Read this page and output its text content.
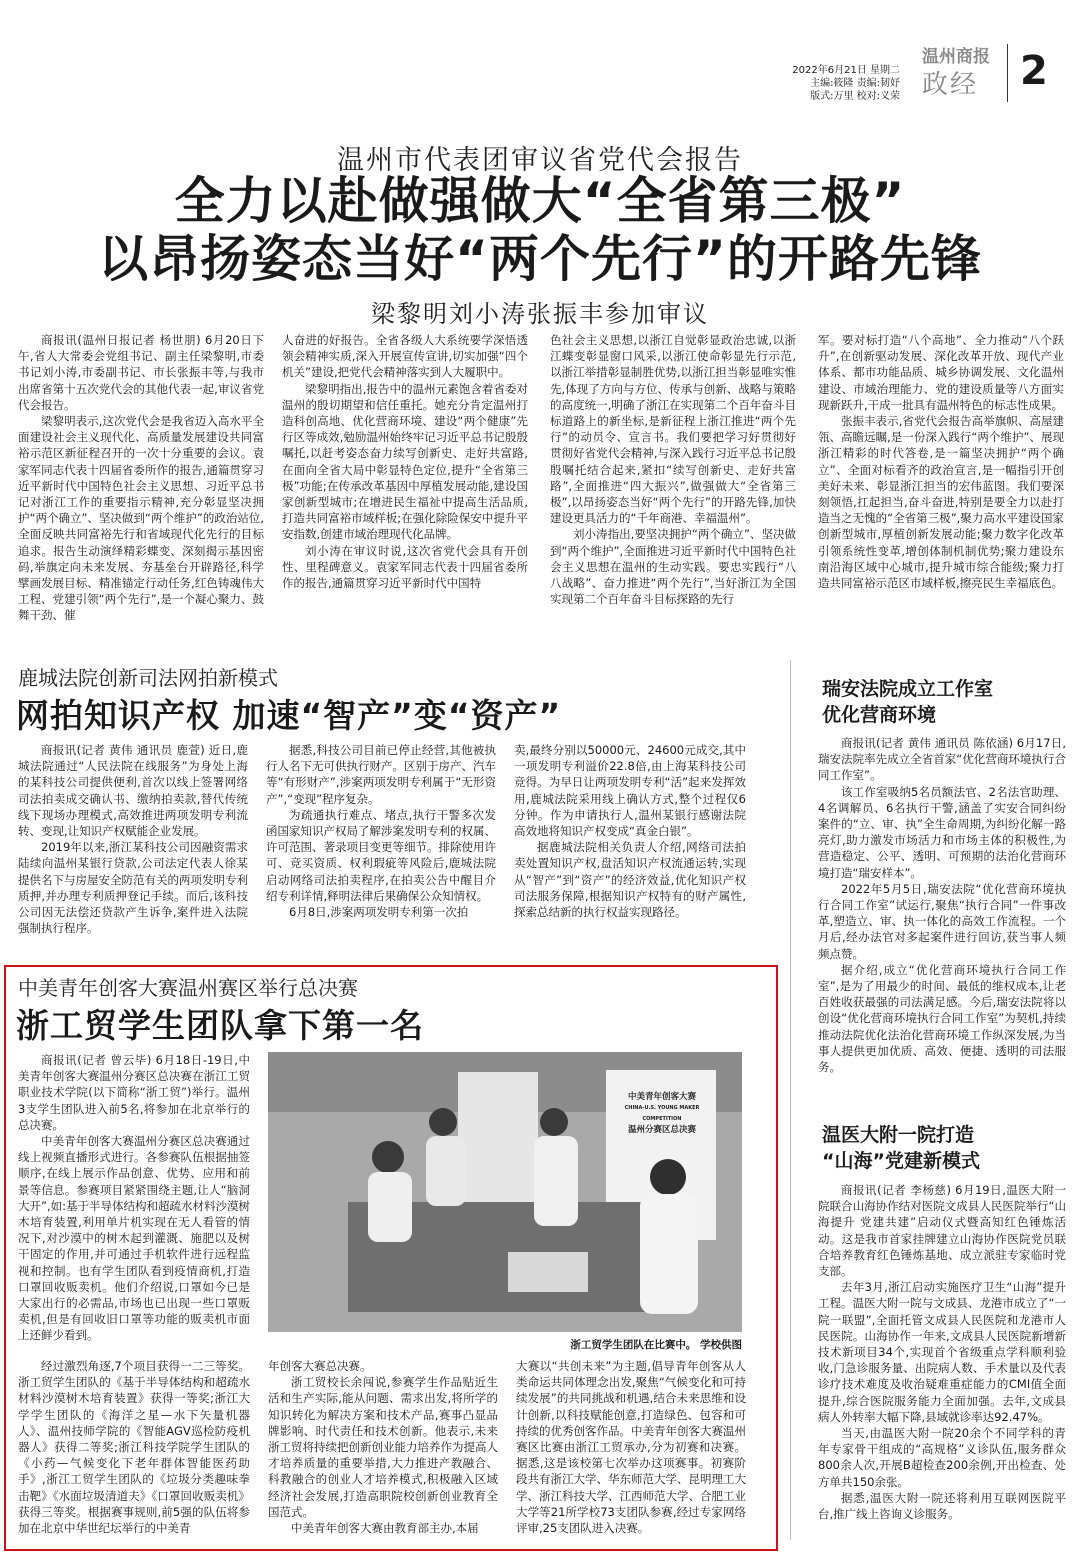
2022年6月21日 星期二
主编:筱隆 责编:韧妤
版式:万里 校对:义荣
温州商报
政经 2
温州市代表团审议省党代会报告
全力以赴做强做大“全省第三极”
以昂扬姿态当好“两个先行”的开路先锋
梁黎明刘小涛张振丰参加审议

商报讯(温州日报记者 杨世朋) 6月20日下午,省人大常委会党组书记、副主任梁黎明,市委书记刘小涛,市委副书记、市长张振丰等,与我市出席省第十五次党代会的其他代表一起,审议省党代会报告。

梁黎明表示,这次党代会是我省迈入高水平全面建设社会主义现代化、高质量发展建设共同富裕示范区新征程召开的一次十分重要的会议。袁家军同志代表十四届省委所作的报告,通篇贯穿习近平新时代中国特色社会主义思想、习近平总书记对浙江工作的重要指示精神,充分彰显坚决拥护“两个确立”、坚决做到“两个维护”的政治站位,全面反映共同富裕先行和省域现代化先行的目标追求。报告生动演绎精彩蝶变、深刻揭示基因密码,举旗定向未来发展、夯基垒台开辟路径,科学擘画发展目标、精准锚定行动任务,红色铸魂伟大工程、党建引领“两个先行”,是一个凝心聚力、鼓舞干劲、催

人奋进的好报告。全省各级人大系统要学深悟透领会精神实质,深入开展宣传宣讲,切实加强“四个机关”建设,把党代会精神落实到人大履职中。

梁黎明指出,报告中的温州元素饱含着省委对温州的殷切期望和信任重托。她充分肯定温州打造科创高地、优化营商环境、建设“两个健康”先行区等成效,勉励温州始终牢记习近平总书记殷殷嘱托,以赶考姿态奋力续写创新史、走好共富路,在面向全省大局中彰显特色定位,提升“全省第三极”功能;在传承改革基因中厚植发展动能,建设国家创新型城市;在增进民生福祉中提高生活品质,打造共同富裕市域样板;在强化除险保安中提升平安指数,创建市域治理现代化品牌。

刘小涛在审议时说,这次省党代会具有开创性、里程碑意义。袁家军同志代表十四届省委所作的报告,通篇贯穿习近平新时代中国特

色社会主义思想,以浙江自觉彰显政治忠诚,以浙江蝶变彰显窗口风采,以浙江使命彰显先行示范,以浙江举措彰显制胜优势,以浙江担当彰显唯实惟先,体现了方向与方位、传承与创新、战略与策略的高度统一,明确了浙江在实现第二个百年奋斗目标道路上的新坐标,是新征程上浙江推进“两个先行”的动员令、宣言书。我们要把学习好贯彻好贯彻好省党代会精神,与深入践行习近平总书记殷殷嘱托结合起来,紧扣“续写创新史、走好共富路”,全面推进“四大振兴”,做强做大“全省第三极”,以昂扬姿态当好“两个先行”的开路先锋,加快建设更具活力的“千年商港、幸福温州”。

刘小涛指出,要坚决拥护“两个确立”、坚决做到“两个维护”,全面推进习近平新时代中国特色社会主义思想在温州的生动实践。要忠实践行“八八战略”、奋力推进“两个先行”,当好浙江为全国实现第二个百年奋斗目标探路的先行

军。要对标打造“八个高地”、全力推动“八个跃升”,在创新驱动发展、深化改革开放、现代产业体系、都市功能品质、城乡协调发展、文化温州建设、市域治理能力、党的建设质量等八方面实现新跃升,干成一批具有温州特色的标志性成果。

张振丰表示,省党代会报告高举旗帜、高屋建瓴、高瞻远瞩,是一份深入践行“两个维护”、展现浙江精彩的时代答卷,是一篇坚决拥护“两个确立”、全面对标看齐的政治宣言,是一幅指引开创美好未来、彰显浙江担当的宏伟蓝图。我们要深刻领悟,扛起担当,奋斗奋进,特别是要全力以赴打造当之无愧的“全省第三极”,聚力高水平建设国家创新型城市,厚植创新发展动能;聚力数字化改革引领系统性变革,增创体制机制优势;聚力建设东南沿海区域中心城市,提升城市综合能级;聚力打造共同富裕示范区市域样板,擦亮民生幸福底色。

鹿城法院创新司法网拍新模式
网拍知识产权 加速“智产”变“资产”

商报讯(记者 黄伟 通讯员 鹿萱) 近日,鹿城法院通过“人民法院在线服务”为身处上海的某科技公司提供便利,首次以线上签署网络司法拍卖成交确认书、缴纳拍卖款,替代传统线下现场办理模式,高效推进两项发明专利流转、变现,让知识产权赋能企业发展。

2019年以来,浙江某科技公司因融资需求陆续向温州某银行贷款,公司法定代表人徐某提供名下与房屋安全防范有关的两项发明专利质押,并办理专利质押登记手续。而后,该科技公司因无法偿还贷款产生诉争,案件进入法院强制执行程序。

据悉,科技公司目前已停止经营,其他被执行人名下无可供执行财产。区别于房产、汽车等“有形财产”,涉案两项发明专利属于“无形资产”,“变现”程序复杂。

为疏通执行难点、堵点,执行干警多次发函国家知识产权局了解涉案发明专利的权属、许可范围、著录项目变更等细节。排除使用许可、竞买资质、权利瑕疵等风险后,鹿城法院启动网络司法拍卖程序,在拍卖公告中醒目介绍专利详情,释明法律后果确保公众知情权。

6月8日,涉案两项发明专利第一次拍

卖,最终分别以50000元、24600元成交,其中一项发明专利溢价22.8倍,由上海某科技公司竞得。为早日让两项发明专利“活”起来发挥效用,鹿城法院采用线上确认方式,整个过程仅6分钟。作为申请执行人,温州某银行感谢法院高效地将知识产权变成“真金白银”。

据鹿城法院相关负责人介绍,网络司法拍卖处置知识产权,盘活知识产权流通运转,实现从“智产”到“资产”的经济效益,优化知识产权司法服务保障,根据知识产权特有的财产属性,探索总结新的执行权益实现路径。

中美青年创客大赛温州赛区举行总决赛
浙工贸学生团队拿下第一名

商报讯(记者 曾云毕) 6月18日-19日,中美青年创客大赛温州分赛区总决赛在浙江工贸职业技术学院(以下简称“浙工贸”)举行。温州3支学生团队进入前5名,将参加在北京举行的总决赛。

中美青年创客大赛温州分赛区总决赛通过线上视频直播形式进行。各参赛队伍根据抽签顺序,在线上展示作品创意、优势、应用和前景等信息。参赛项目紧紧围绕主题,让人“脑洞大开”,如:基于半导体结构和超疏水材料沙漠树木培育装置,利用单片机实现在无人看管的情况下,对沙漠中的树木起到灌溉、施肥以及树干固定的作用,并可通过手机软件进行远程监视和控制。也有学生团队看到疫情商机,打造口罩回收贩卖机。他们介绍说,口罩如今已是大家出行的必需品,市场也已出现一些口罩贩卖机,但是有回收旧口罩等功能的贩卖机市面上还鲜少看到。

中美青年创客大赛
CHINA-U.S. YOUNG MAKER COMPETITION
温州分赛区总决赛
浙工贸学生团队在比赛中。 学校供图

经过激烈角逐,7个项目获得一二三等奖。浙工贸学生团队的《基于半导体结构和超疏水材料沙漠树木培育装置》获得一等奖;浙江大学学生团队的《海洋之星—水下矢量机器人》、温州技师学院的《智能AGV巡检防疫机器人》获得二等奖;浙江科技学院学生团队的《小药—气候变化下老年群体智能医药助手》,浙江工贸学生团队的《垃圾分类趣味拳击靶》《水面垃圾清道夫》《口罩回收贩卖机》获得三等奖。根据赛事规则,前5强的队伍将参加在北京中华世纪坛举行的中美青

年创客大赛总决赛。

浙工贸校长余闯说,参赛学生作品贴近生活和生产实际,能从问题、需求出发,将所学的知识转化为解决方案和技术产品,赛事凸显品牌影响、时代责任和技术创新。他表示,未来浙工贸将持续把创新创业能力培养作为提高人才培养质量的重要举措,大力推进产教融合、科教融合的创业人才培养模式,积极融入区域经济社会发展,打造高职院校创新创业教育全国范式。

中美青年创客大赛由教育部主办,本届

大赛以“共创未来”为主题,倡导青年创客从人类命运共同体理念出发,聚焦“气候变化和可持续发展”的共同挑战和机遇,结合未来思维和设计创新,以科技赋能创意,打造绿色、包容和可持续的优秀创客作品。中美青年创客大赛温州赛区比赛由浙江工贸承办,分为初赛和决赛。据悉,这是该校第七次举办这项赛事。初赛阶段共有浙江大学、华东师范大学、昆明理工大学、浙江科技大学、江西师范大学、合肥工业大学等21所学校73支团队参赛,经过专家网络评审,25支团队进入决赛。

瑞安法院成立工作室
优化营商环境

商报讯(记者 黄伟 通讯员 陈依涵) 6月17日,瑞安法院率先成立全省首家“优化营商环境执行合同工作室”。

该工作室吸纳5名员额法官、2名法官助理、4名调解员、6名执行干警,涵盖了实安合同纠纷案件的“立、审、执”全生命周期,为纠纷化解一路亮灯,助力激发市场活力和市场主体的积极性,为营造稳定、公平、透明、可预期的法治化营商环境打造“瑞安样本”。

2022年5月5日,瑞安法院“优化营商环境执行合同工作室”试运行,聚焦“执行合同”一件事改革,塑造立、审、执一体化的高效工作流程。一个月后,经办法官对多起案件进行回访,获当事人频频点赞。

据介绍,成立“优化营商环境执行合同工作室”,是为了用最少的时间、最低的维权成本,让老百姓收获最强的司法满足感。今后,瑞安法院将以创设“优化营商环境执行合同工作室”为契机,持续推动法院优化法治化营商环境工作纵深发展,为当事人提供更加优质、高效、便捷、透明的司法服务。

温医大附一院打造
“山海”党建新模式

商报讯(记者 李杨慈) 6月19日,温医大附一院联合山海协作结对医院文成县人民医院举行“山海提升 党建共建”启动仪式暨高知红色锤炼活动。这是我市首家挂牌建立山海协作医院党员联合培养教育红色锤炼基地、成立派驻专家临时党支部。

去年3月,浙江启动实施医疗卫生“山海”提升工程。温医大附一院与文成县、龙港市成立了“一院一联盟”,全面托管文成县人民医院和龙港市人民医院。山海协作一年来,文成县人民医院新增新技术新项目34个,实现首个省级重点学科顺利验收,门急诊服务量、出院病人数、手术量以及代表诊疗技术难度及收治疑难重症能力的CMI值全面提升,综合医院服务能力全面加强。去年,文成县病人外转率大幅下降,县域就诊率达92.47%。

当天,由温医大附一院20余个不同学科的青年专家骨干组成的“高规格”义诊队伍,服务群众800余人次,开展B超检查200余例,开出检查、处方单共150余张。

据悉,温医大附一院还将利用互联网医院平台,推广线上咨询义诊服务。
